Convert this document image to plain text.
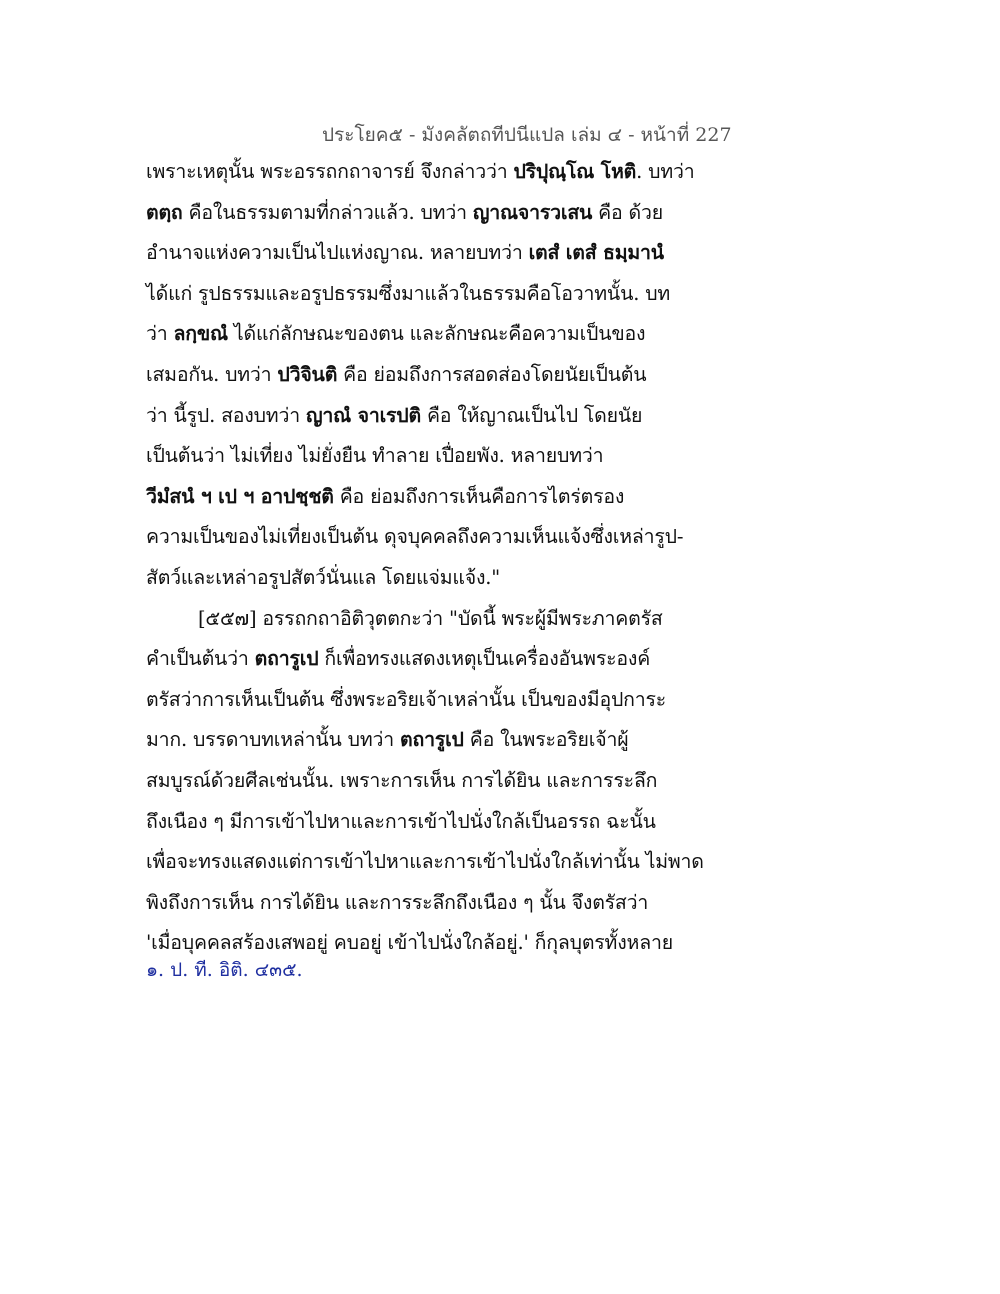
ประโยค๕ - มังคลัตถทีปนีแปล เล่ม ๔ - หน้าที่ 227
เพราะเหตุนั้น พระอรรถกถาจารย์ จึงกล่าวว่า ปริปุณฺโณ โหติ. บทว่า
ตตฺถ คือในธรรมตามที่กล่าวแล้ว. บทว่า ญาณจารวเสน คือ ด้วย
อำนาจแห่งความเป็นไปแห่งญาณ. หลายบทว่า เตสํ เตสํ ธมฺมานํ
ได้แก่ รูปธรรมและอรูปธรรมซึ่งมาแล้วในธรรมคือโอวาทนั้น. บท
ว่า ลกฺขณํ ได้แก่ลักษณะของตน และลักษณะคือความเป็นของ
เสมอกัน. บทว่า ปวิจินติ คือ ย่อมถึงการสอดส่องโดยนัยเป็นต้น
ว่า นี้รูป. สองบทว่า ญาณํ จาเรปติ คือ ให้ญาณเป็นไป โดยนัย
เป็นต้นว่า ไม่เที่ยง ไม่ยั่งยืน ทำลาย เปื่อยพัง. หลายบทว่า
วีมํสนํ ฯ เป ฯ อาปชฺชติ คือ ย่อมถึงการเห็นคือการไตร่ตรอง
ความเป็นของไม่เที่ยงเป็นต้น ดุจบุคคลถึงความเห็นแจ้งซึ่งเหล่ารูป-
สัตว์และเหล่าอรูปสัตว์นั่นแล โดยแจ่มแจ้ง."
[๕๕๗] อรรถกถาอิติวุตตกะว่า "บัดนี้ พระผู้มีพระภาคตรัส
คำเป็นต้นว่า ตถารูเป ก็เพื่อทรงแสดงเหตุเป็นเครื่องอันพระองค์
ตรัสว่าการเห็นเป็นต้น ซึ่งพระอริยเจ้าเหล่านั้น เป็นของมีอุปการะ
มาก. บรรดาบทเหล่านั้น บทว่า ตถารูเป คือ ในพระอริยเจ้าผู้
สมบูรณ์ด้วยศีลเช่นนั้น. เพราะการเห็น การได้ยิน และการระลึก
ถึงเนือง ๆ มีการเข้าไปหาและการเข้าไปนั่งใกล้เป็นอรรถ ฉะนั้น
เพื่อจะทรงแสดงแต่การเข้าไปหาและการเข้าไปนั่งใกล้เท่านั้น ไม่พาด
พิงถึงการเห็น การได้ยิน และการระลึกถึงเนือง ๆ นั้น จึงตรัสว่า
'เมื่อบุคคลสร้องเสพอยู่ คบอยู่ เข้าไปนั่งใกล้อยู่.' ก็กุลบุตรทั้งหลาย
๑. ป. ที. อิติ. ๔๓๕.
